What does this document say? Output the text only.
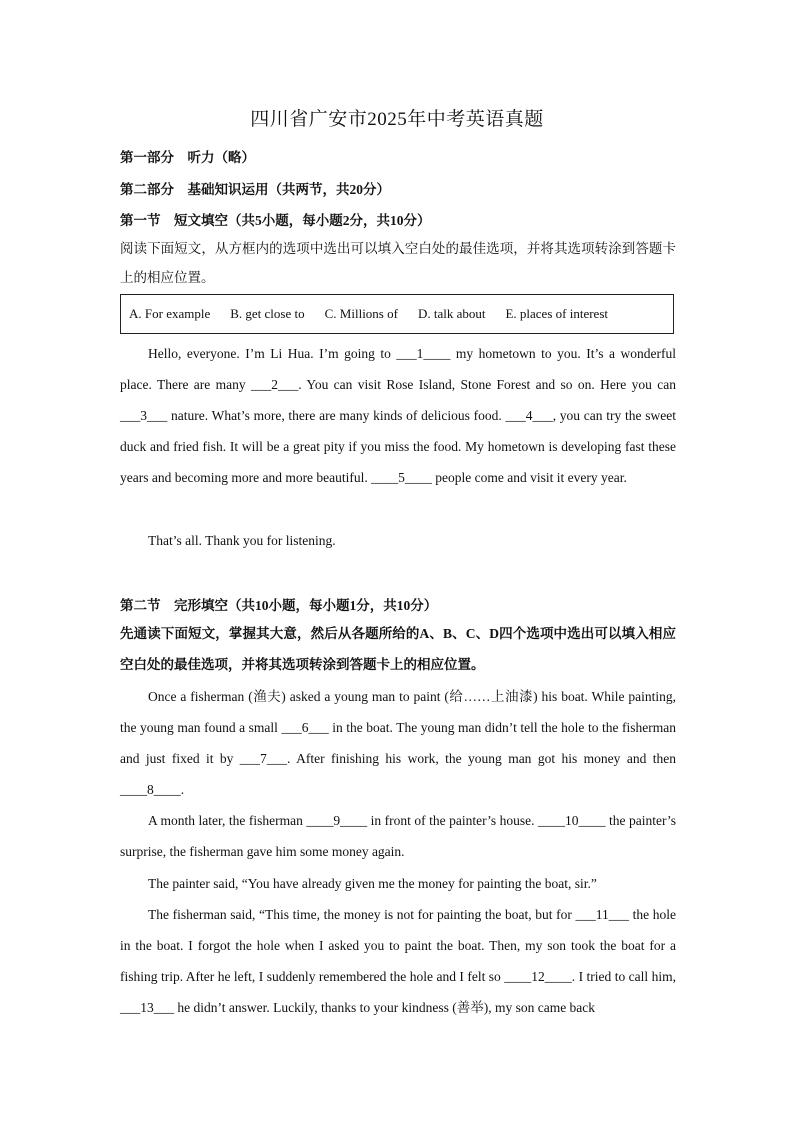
四川省广安市2025年中考英语真题
第一部分　听力（略）
第二部分　基础知识运用（共两节，共20分）
第一节　短文填空（共5小题，每小题2分，共10分）
阅读下面短文，从方框内的选项中选出可以填入空白处的最佳选项，并将其选项转涂到答题卡上的相应位置。
A. For example B. get close to C. Millions of D. talk about E. places of interest
Hello, everyone. I’m Li Hua. I’m going to ___1____ my hometown to you. It’s a wonderful place. There are many ___2___. You can visit Rose Island, Stone Forest and so on. Here you can ___3___ nature. What’s more, there are many kinds of delicious food. ___4___, you can try the sweet duck and fried fish. It will be a great pity if you miss the food. My hometown is developing fast these years and becoming more and more beautiful. ____5____ people come and visit it every year.
That’s all. Thank you for listening.
第二节　完形填空（共10小题，每小题1分，共10分）
先通读下面短文，掌握其大意，然后从各题所给的A、B、C、D四个选项中选出可以填入相应空白处的最佳选项，并将其选项转涂到答题卡上的相应位置。
Once a fisherman (渔夫) asked a young man to paint (给……上油漆) his boat. While painting, the young man found a small ___6___ in the boat. The young man didn’t tell the hole to the fisherman and just fixed it by ___7___. After finishing his work, the young man got his money and then ____8____.
A month later, the fisherman ____9____ in front of the painter’s house. ____10____ the painter’s surprise, the fisherman gave him some money again.
The painter said, “You have already given me the money for painting the boat, sir.”
The fisherman said, “This time, the money is not for painting the boat, but for ___11___ the hole in the boat. I forgot the hole when I asked you to paint the boat. Then, my son took the boat for a fishing trip. After he left, I suddenly remembered the hole and I felt so ____12____. I tried to call him, ___13___ he didn’t answer. Luckily, thanks to your kindness (善举), my son came back
